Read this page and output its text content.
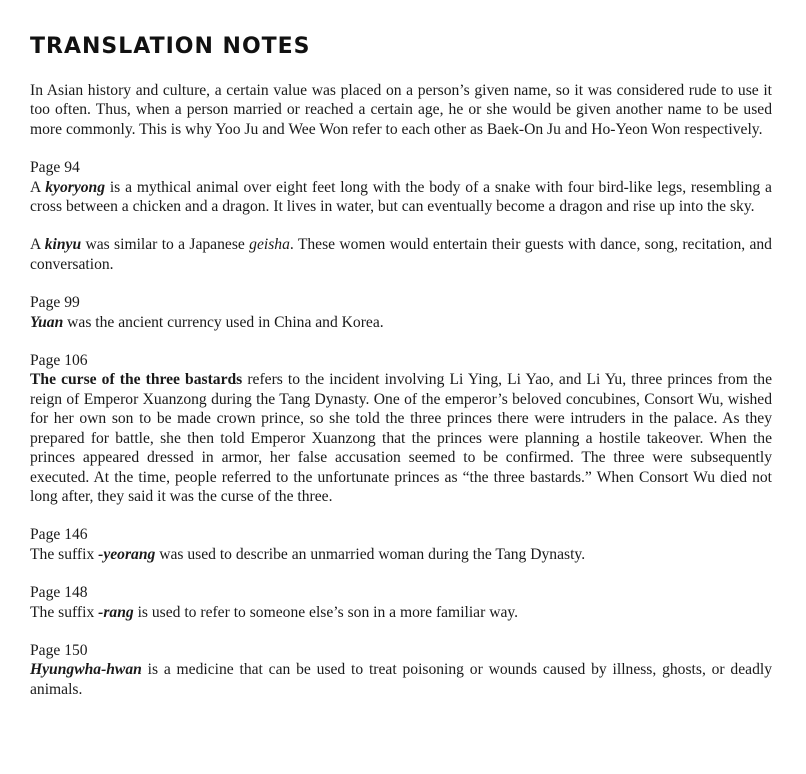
TRANSLATION NOTES

In Asian history and culture, a certain value was placed on a person’s given name, so it was considered rude to use it too often. Thus, when a person married or reached a certain age, he or she would be given another name to be used more commonly. This is why Yoo Ju and Wee Won refer to each other as Baek-On Ju and Ho-Yeon Won respectively.

Page 94

A kyoryong is a mythical animal over eight feet long with the body of a snake with four bird-like legs, resembling a cross between a chicken and a dragon. It lives in water, but can eventually become a dragon and rise up into the sky.

A kinyu was similar to a Japanese geisha. These women would entertain their guests with dance, song, recitation, and conversation.

Page 99

Yuan was the ancient currency used in China and Korea.

Page 106

The curse of the three bastards refers to the incident involving Li Ying, Li Yao, and Li Yu, three princes from the reign of Emperor Xuanzong during the Tang Dynasty. One of the emperor’s beloved concubines, Consort Wu, wished for her own son to be made crown prince, so she told the three princes there were intruders in the palace. As they prepared for battle, she then told Emperor Xuanzong that the princes were planning a hostile takeover. When the princes appeared dressed in armor, her false accusation seemed to be confirmed. The three were subsequently executed. At the time, people referred to the unfortunate princes as “the three bastards.” When Consort Wu died not long after, they said it was the curse of the three.

Page 146

The suffix -yeorang was used to describe an unmarried woman during the Tang Dynasty.

Page 148

The suffix -rang is used to refer to someone else’s son in a more familiar way.

Page 150

Hyungwha-hwan is a medicine that can be used to treat poisoning or wounds caused by illness, ghosts, or deadly animals.
